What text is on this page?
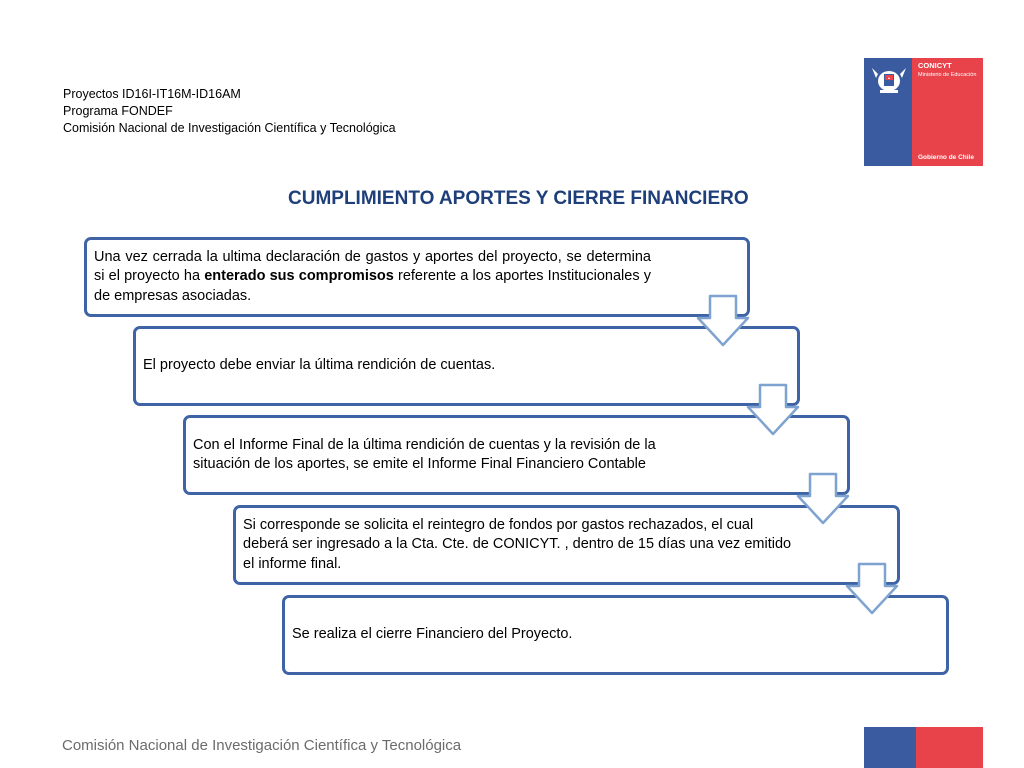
Proyectos ID16I-IT16M-ID16AM
Programa FONDEF
Comisión Nacional de Investigación Científica y Tecnológica
CONICYT
Ministerio de Educación
Gobierno de Chile
CUMPLIMIENTO APORTES Y CIERRE FINANCIERO
Una vez cerrada la ultima declaración de gastos y aportes del proyecto, se determina si el proyecto ha enterado sus compromisos referente a los aportes Institucionales y de empresas asociadas.
El proyecto debe enviar la última rendición de cuentas.
Con el Informe Final de la última rendición de cuentas y la revisión de la situación de los aportes, se emite el Informe Final Financiero Contable
Si corresponde se solicita el reintegro de fondos por gastos rechazados, el cual deberá ser ingresado a la Cta. Cte. de CONICYT. , dentro de 15 días una vez emitido el informe final.
Se realiza el cierre Financiero del Proyecto.
Comisión Nacional de Investigación Científica y Tecnológica
